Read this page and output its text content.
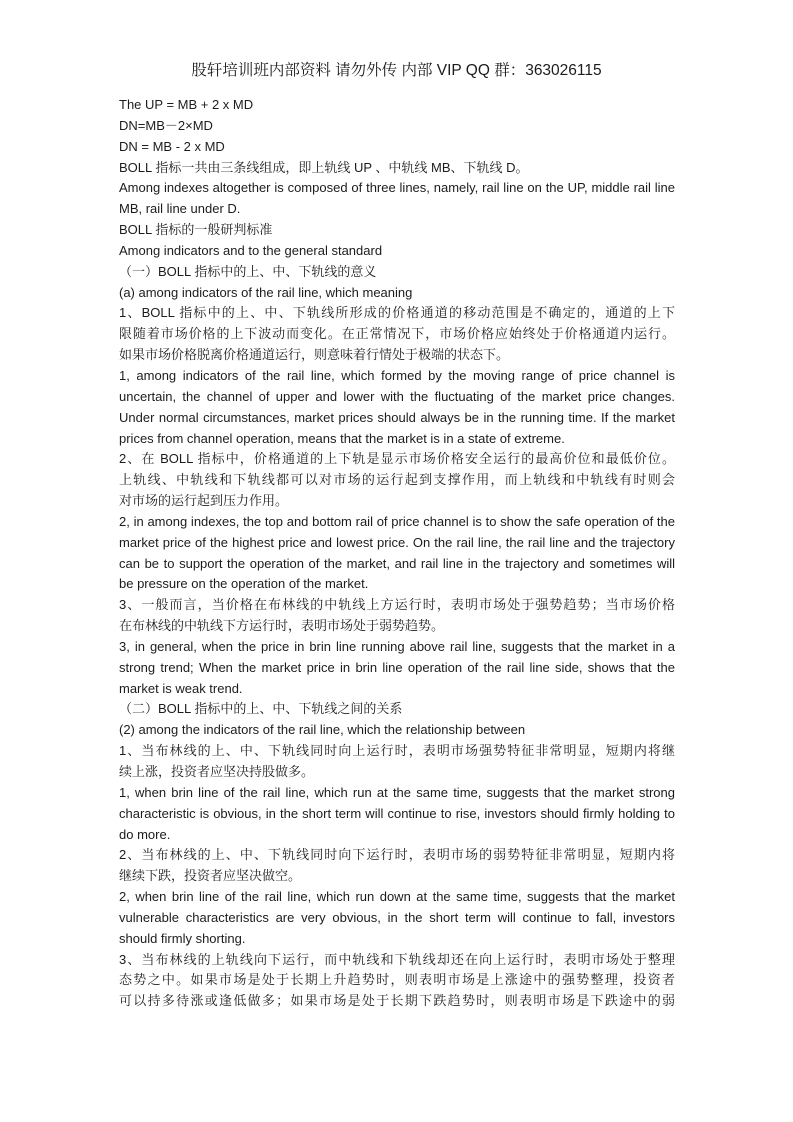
股轩培训班内部资料 请勿外传 内部 VIP QQ 群：363026115
The UP = MB + 2 x MD
DN=MB－2×MD
DN = MB - 2 x MD
BOLL 指标一共由三条线组成，即上轨线 UP 、中轨线 MB、下轨线 D。
Among indexes altogether is composed of three lines, namely, rail line on the UP, middle rail line
MB, rail line under D.
BOLL 指标的一般研判标准
Among indicators and to the general standard
（一）BOLL 指标中的上、中、下轨线的意义
(a) among indicators of the rail line, which meaning
1、BOLL 指标中的上、中、下轨线所形成的价格通道的移动范围是不确定的，通道的上下
限随着市场价格的上下波动而变化。在正常情况下，市场价格应始终处于价格通道内运行。
如果市场价格脱离价格通道运行，则意味着行情处于极端的状态下。
1, among indicators of the rail line, which formed by the moving range of price channel is
uncertain, the channel of upper and lower with the fluctuating of the market price changes.
Under normal circumstances, market prices should always be in the running time. If the market
prices from channel operation, means that the market is in a state of extreme.
2、在 BOLL 指标中，价格通道的上下轨是显示市场价格安全运行的最高价位和最低价位。
上轨线、中轨线和下轨线都可以对市场的运行起到支撑作用，而上轨线和中轨线有时则会
对市场的运行起到压力作用。
2, in among indexes, the top and bottom rail of price channel is to show the safe operation of the
market price of the highest price and lowest price. On the rail line, the rail line and the trajectory
can be to support the operation of the market, and rail line in the trajectory and sometimes will
be pressure on the operation of the market.
3、一般而言，当价格在布林线的中轨线上方运行时，表明市场处于强势趋势；当市场价格
在布林线的中轨线下方运行时，表明市场处于弱势趋势。
3, in general, when the price in brin line running above rail line, suggests that the market in a
strong trend; When the market price in brin line operation of the rail line side, shows that the
market is weak trend.
（二）BOLL 指标中的上、中、下轨线之间的关系
(2) among the indicators of the rail line, which the relationship between
1、当布林线的上、中、下轨线同时向上运行时，表明市场强势特征非常明显，短期内将继
续上涨，投资者应坚决持股做多。
1, when brin line of the rail line, which run at the same time, suggests that the market strong
characteristic is obvious, in the short term will continue to rise, investors should firmly holding to
do more.
2、当布林线的上、中、下轨线同时向下运行时，表明市场的弱势特征非常明显，短期内将
继续下跌，投资者应坚决做空。
2, when brin line of the rail line, which run down at the same time, suggests that the market
vulnerable characteristics are very obvious, in the short term will continue to fall, investors
should firmly shorting.
3、当布林线的上轨线向下运行，而中轨线和下轨线却还在向上运行时，表明市场处于整理
态势之中。如果市场是处于长期上升趋势时，则表明市场是上涨途中的强势整理，投资者
可以持多待涨或逢低做多；如果市场是处于长期下跌趋势时，则表明市场是下跌途中的弱
